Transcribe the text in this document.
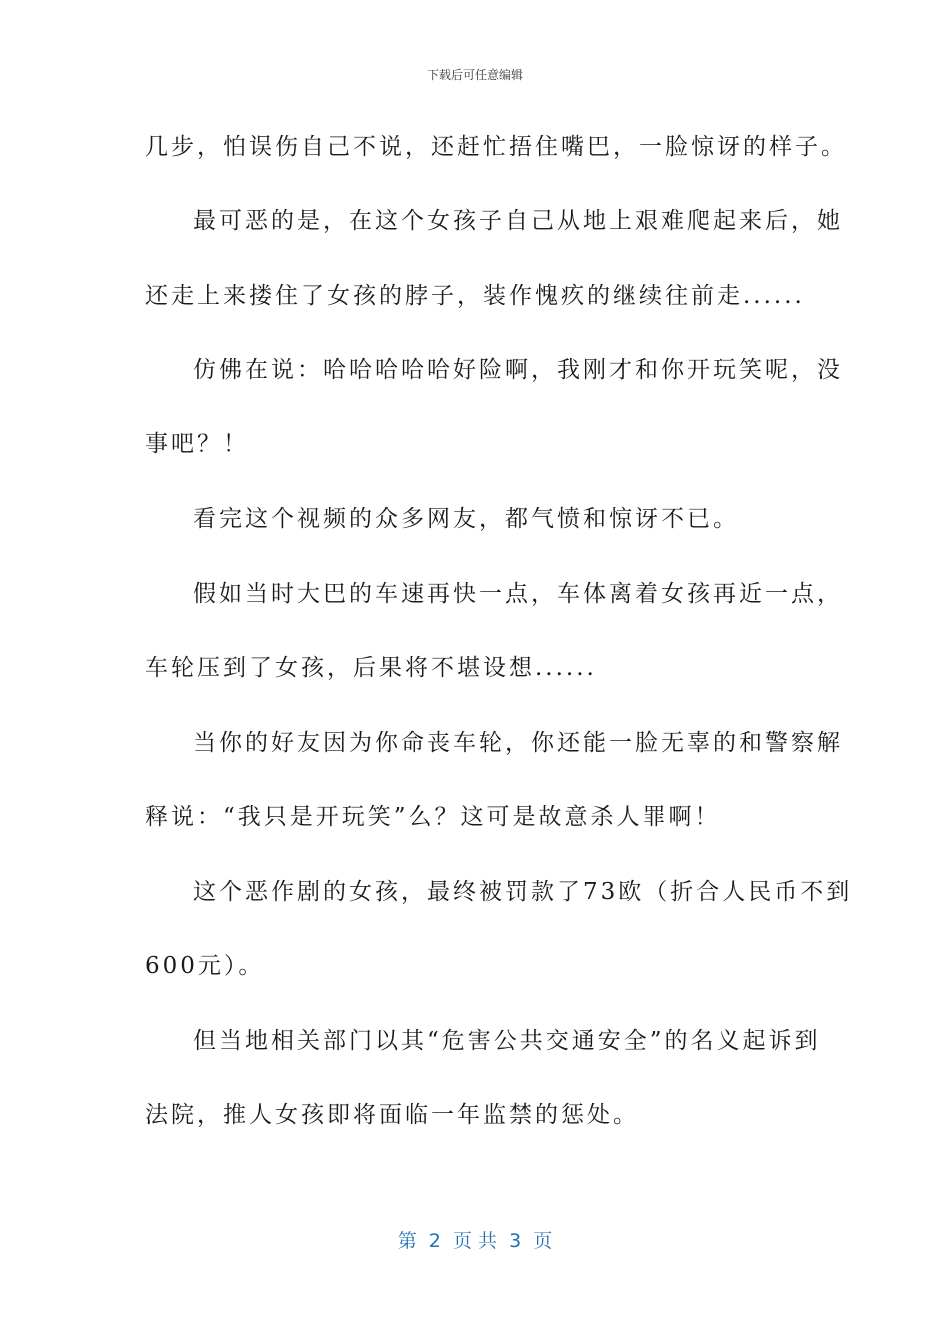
下载后可任意编辑
几步，怕误伤自己不说，还赶忙捂住嘴巴，一脸惊讶的样子。
最可恶的是，在这个女孩子自己从地上艰难爬起来后，她
还走上来搂住了女孩的脖子，装作愧疚的继续往前走......
仿佛在说：哈哈哈哈哈好险啊，我刚才和你开玩笑呢，没
事吧？！
看完这个视频的众多网友，都气愤和惊讶不已。
假如当时大巴的车速再快一点，车体离着女孩再近一点，
车轮压到了女孩，后果将不堪设想......
当你的好友因为你命丧车轮，你还能一脸无辜的和警察解
释说：“我只是开玩笑”么？这可是故意杀人罪啊！
这个恶作剧的女孩，最终被罚款了73欧（折合人民币不到
600元）。
但当地相关部门以其“危害公共交通安全”的名义起诉到
法院，推人女孩即将面临一年监禁的惩处。
第  2  页 共  3  页
